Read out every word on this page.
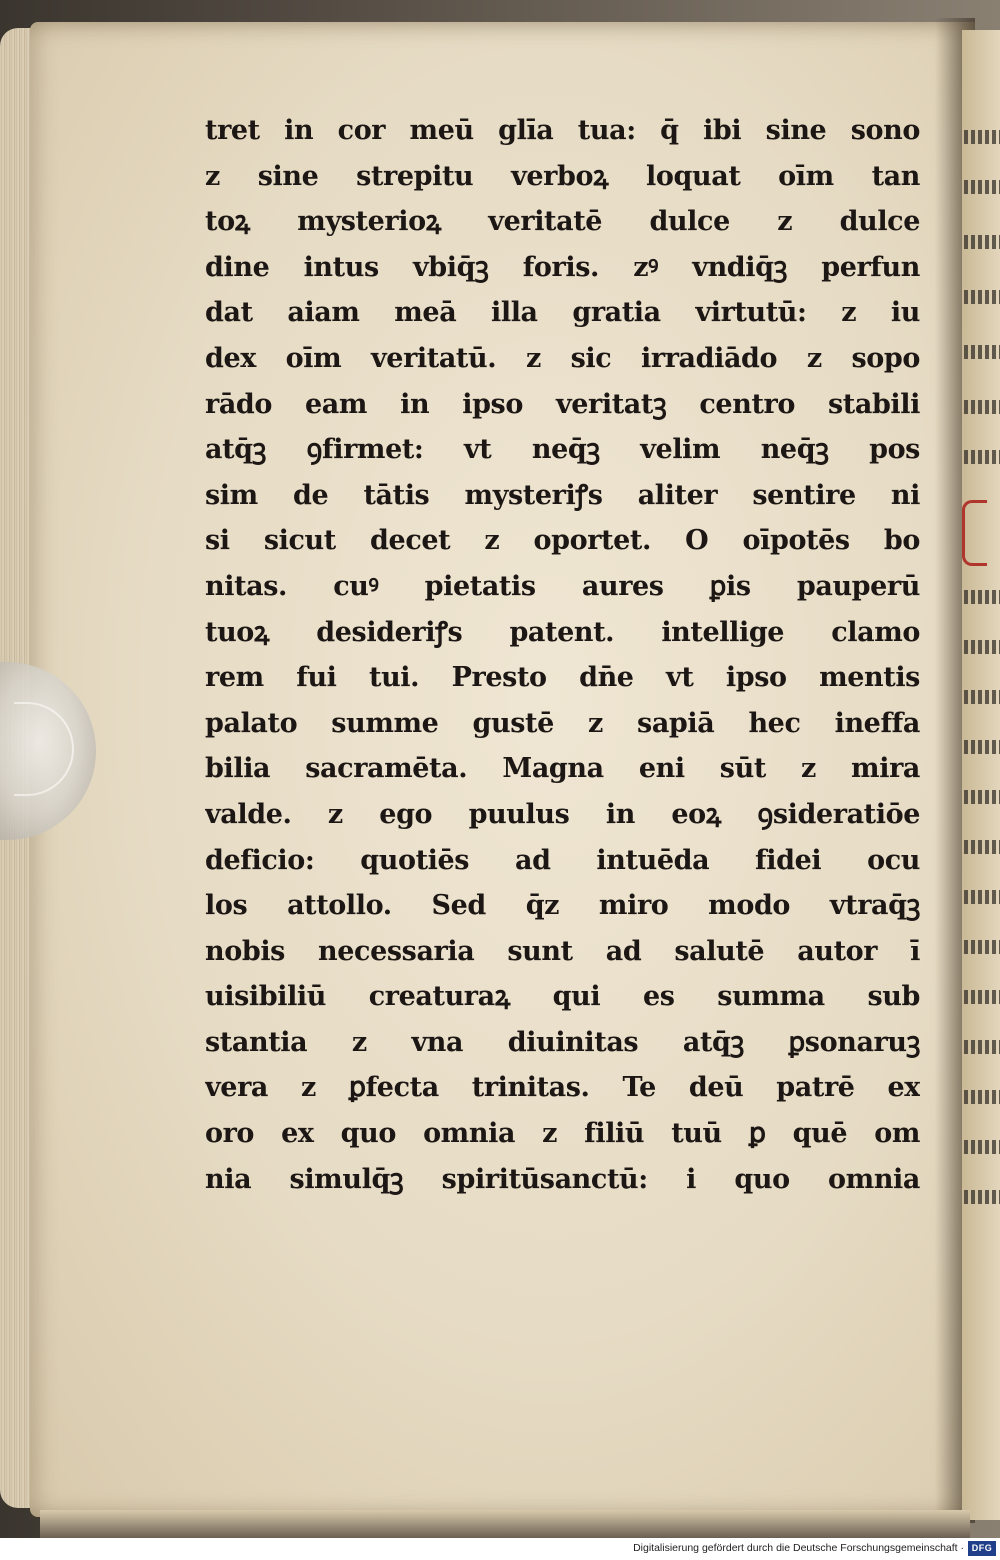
tret in cor meū glīa tua: q̄ ibi sine sono
z sine strepitu verboꝝ loquat oīm tan
toꝝ mysterioꝝ veritatē dulce z dulce
dine intus vbiq̄ꝫ foris. zꝰ vndiq̄ꝫ perfun
dat aiam meā illa gratia virtutū: z iu
dex oīm veritatū. z sic irradiādo z sopo
rādo eam in ipso veritatꝫ centro stabili
atq̄ꝫ ꝯfirmet: vt neq̄ꝫ velim neq̄ꝫ pos
sim de tātis mysteriꝭs aliter sentire ni
si sicut decet z oportet. O oīpotēs bo
nitas. cuꝰ pietatis aures ꝑis pauperū
tuoꝝ desideriꝭs patent. intellige clamo
rem fui tui. Presto dn̄e vt ipso mentis
palato summe gustē z sapiā hec ineffa
bilia sacramēta. Magna eni sūt z mira
valde. z ego puulus in eoꝝ ꝯsideratiōe
deficio: quotiēs ad intuēda fidei ocu
los attollo. Sed q̄z miro modo vtraq̄ꝫ
nobis necessaria sunt ad salutē autor ī
uisibiliū creaturaꝝ qui es summa sub
stantia z vna diuinitas atq̄ꝫ ꝑsonaruꝫ
vera z ꝑfecta trinitas. Te deū patrē ex
oro ex quo omnia z filiū tuū ꝑ quē om
nia simulq̄ꝫ spiritūsanctū: i quo omnia
Digitalisierung gefördert durch die Deutsche Forschungsgemeinschaft · DFG
